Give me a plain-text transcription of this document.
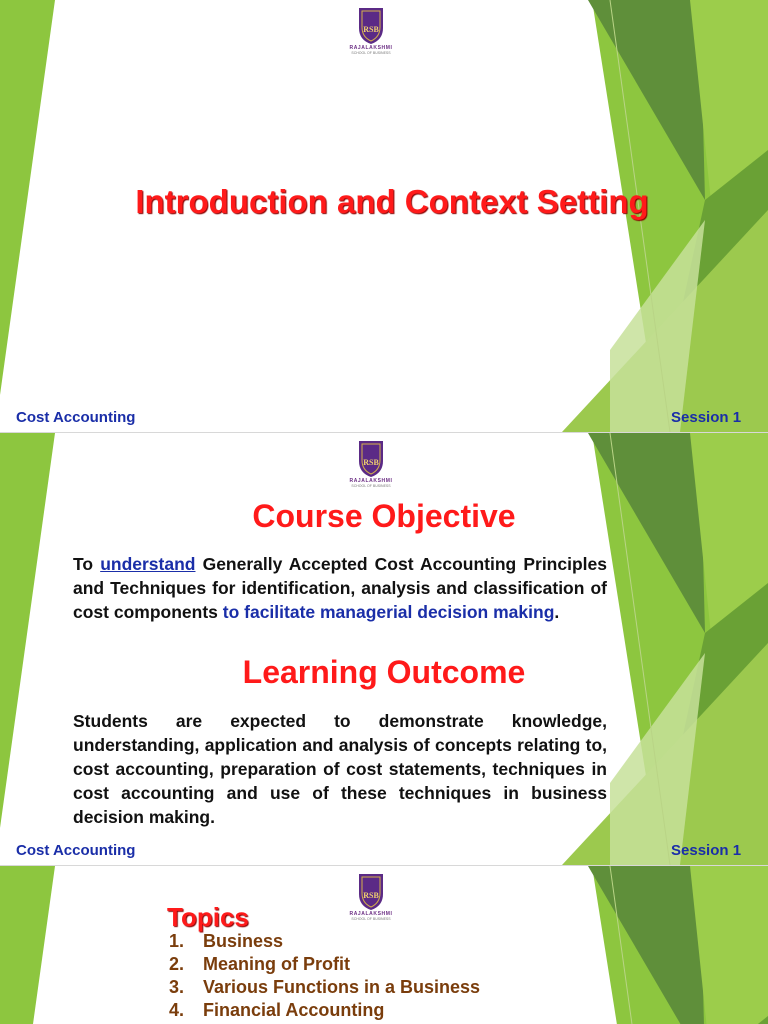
RSB
RAJALAKSHMI
SCHOOL OF BUSINESS
Introduction and Context Setting
Cost Accounting	Session 1
RSB
RAJALAKSHMI
SCHOOL OF BUSINESS
Course Objective
To understand Generally Accepted Cost Accounting Principles and Techniques for identification, analysis and classification of cost components to facilitate managerial decision making.
Learning Outcome
Students are expected to demonstrate knowledge, understanding, application and analysis of concepts relating to, cost accounting, preparation of cost statements, techniques in cost accounting and use of these techniques in business decision making.
Cost Accounting	Session 1
RSB
RAJALAKSHMI
SCHOOL OF BUSINESS
Topics
1. Business
2. Meaning of Profit
3. Various Functions in a Business
4. Financial Accounting
